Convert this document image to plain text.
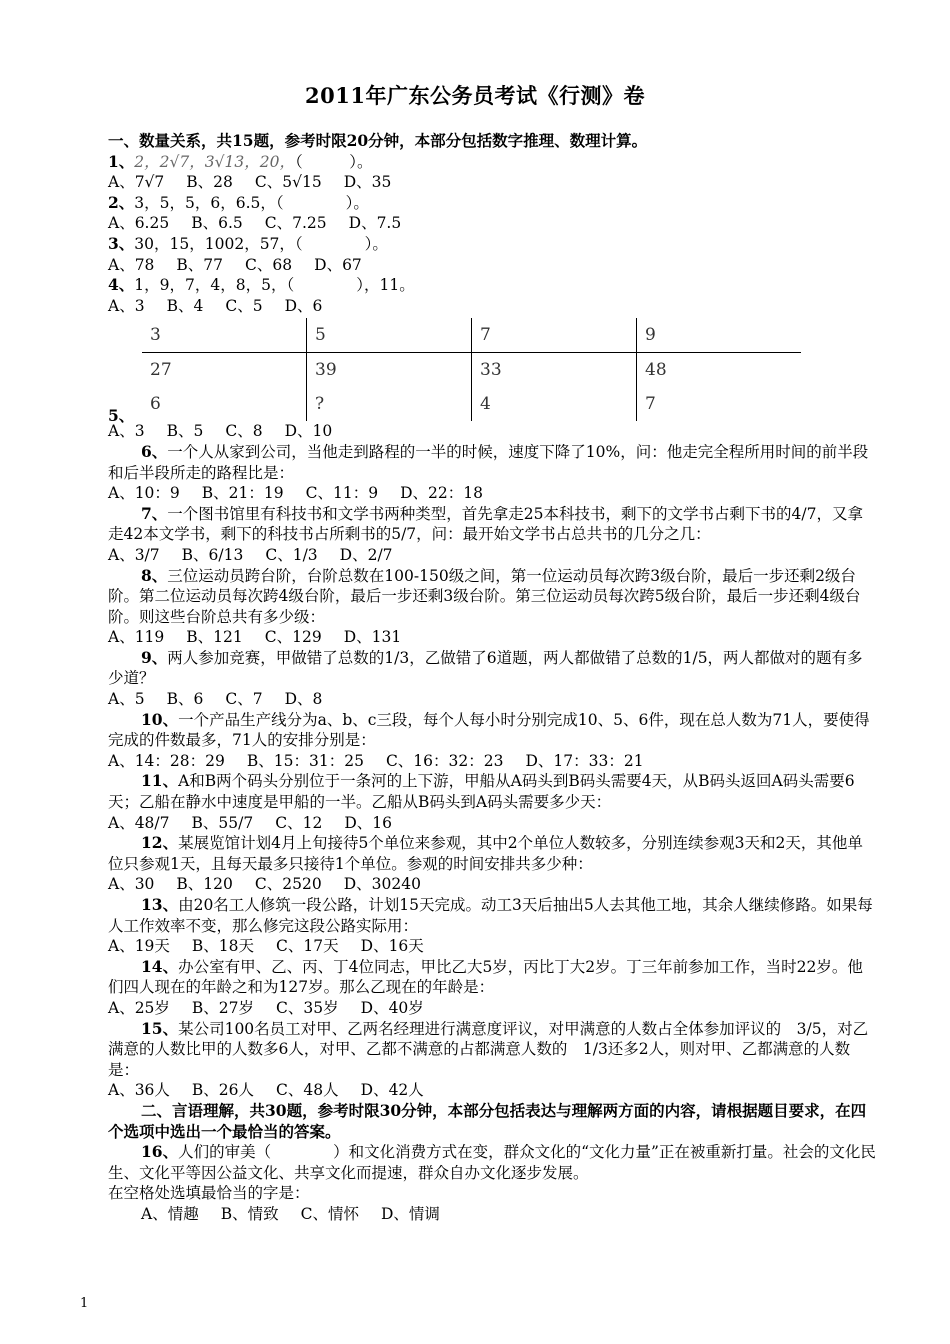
2011年广东公务员考试《行测》卷
一、数量关系，共15题，参考时限20分钟，本部分包括数字推理、数理计算。
1、2，2√7，3√13，20，（　　　）。
A、7√7 B、28 C、5√15 D、35
2、3，5，5，6，6.5，（　　　　）。
A、6.25 B、6.5 C、7.25 D、7.5
3、30，15，1002，57，（　　　　）。
A、78 B、77 C、68 D、67
4、1，9，7，4，8，5，（　　　　），11。
A、3 B、4 C、5 D、6
5、
3	5	7	9
27	39	33	48
6	?	4	7
A、3 B、5 C、8 D、10
6、一个人从家到公司，当他走到路程的一半的时候，速度下降了10%，问：他走完全程所用时间的前半段和后半段所走的路程比是：
A、10：9 B、21：19 C、11：9 D、22：18
7、一个图书馆里有科技书和文学书两种类型，首先拿走25本科技书，剩下的文学书占剩下书的4/7，又拿走42本文学书，剩下的科技书占所剩书的5/7，问：最开始文学书占总共书的几分之几：
A、3/7 B、6/13 C、1/3 D、2/7
8、三位运动员跨台阶，台阶总数在100-150级之间，第一位运动员每次跨3级台阶，最后一步还剩2级台阶。第二位运动员每次跨4级台阶，最后一步还剩3级台阶。第三位运动员每次跨5级台阶，最后一步还剩4级台阶。则这些台阶总共有多少级：
A、119 B、121 C、129 D、131
9、两人参加竞赛，甲做错了总数的1/3，乙做错了6道题，两人都做错了总数的1/5，两人都做对的题有多少道？
A、5 B、6 C、7 D、8
10、一个产品生产线分为a、b、c三段，每个人每小时分别完成10、5、6件，现在总人数为71人，要使得完成的件数最多，71人的安排分别是：
A、14：28：29 B、15：31：25 C、16：32：23 D、17：33：21
11、A和B两个码头分别位于一条河的上下游，甲船从A码头到B码头需要4天，从B码头返回A码头需要6天；乙船在静水中速度是甲船的一半。乙船从B码头到A码头需要多少天：
A、48/7 B、55/7 C、12 D、16
12、某展览馆计划4月上旬接待5个单位来参观，其中2个单位人数较多，分别连续参观3天和2天，其他单位只参观1天，且每天最多只接待1个单位。参观的时间安排共多少种：
A、30 B、120 C、2520 D、30240
13、由20名工人修筑一段公路，计划15天完成。动工3天后抽出5人去其他工地，其余人继续修路。如果每人工作效率不变，那么修完这段公路实际用：
A、19天 B、18天 C、17天 D、16天
14、办公室有甲、乙、丙、丁4位同志，甲比乙大5岁，丙比丁大2岁。丁三年前参加工作，当时22岁。他们四人现在的年龄之和为127岁。那么乙现在的年龄是：
A、25岁 B、27岁 C、35岁 D、40岁
15、某公司100名员工对甲、乙两名经理进行满意度评议，对甲满意的人数占全体参加评议的　3/5，对乙满意的人数比甲的人数多6人，对甲、乙都不满意的占都满意人数的　1/3还多2人，则对甲、乙都满意的人数是：
A、36人 B、26人 C、48人 D、42人
二、言语理解，共30题，参考时限30分钟，本部分包括表达与理解两方面的内容，请根据题目要求，在四个选项中选出一个最恰当的答案。
16、人们的审美（　　　　）和文化消费方式在变，群众文化的“文化力量”正在被重新打量。社会的文化民生、文化平等因公益文化、共享文化而提速，群众自办文化逐步发展。
在空格处选填最恰当的字是：
A、情趣 B、情致 C、情怀 D、情调
1
